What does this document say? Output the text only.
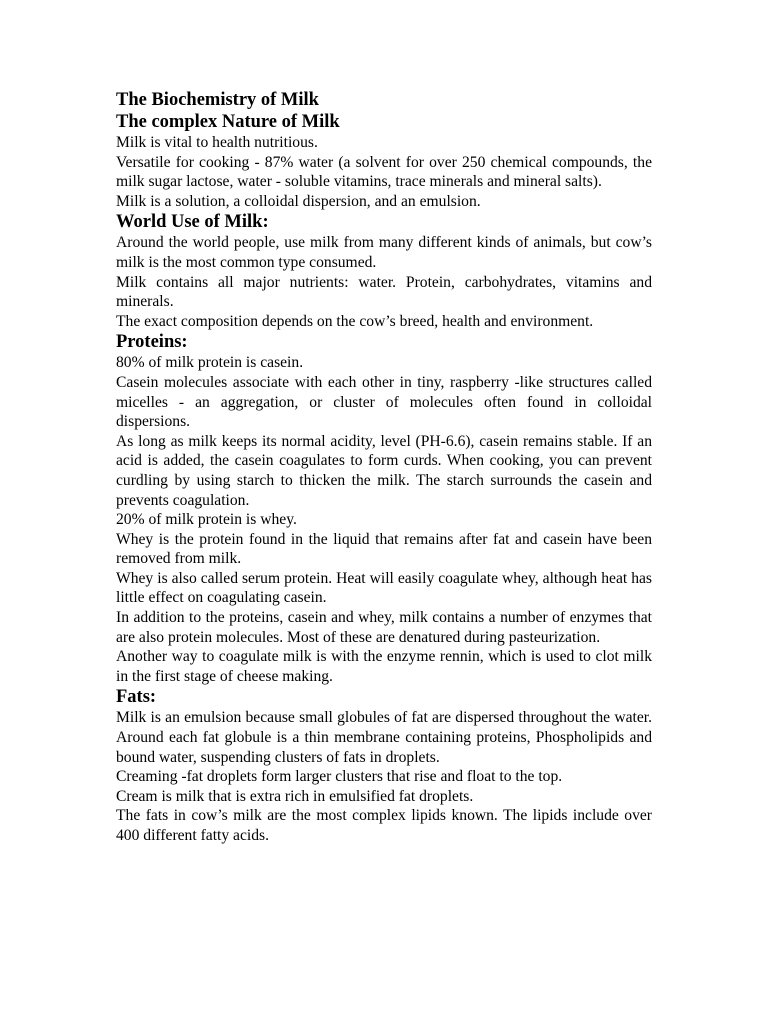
The Biochemistry of Milk

The complex Nature of Milk

Milk is vital to health nutritious.

Versatile for cooking - 87% water (a solvent for over 250 chemical compounds, the milk sugar lactose, water - soluble vitamins, trace minerals and mineral salts).

Milk is a solution, a colloidal dispersion, and an emulsion.

World Use of Milk:

Around the world people, use milk from many different kinds of animals, but cow’s milk is the most common type consumed.

Milk contains all major nutrients: water. Protein, carbohydrates, vitamins and minerals.

The exact composition depends on the cow’s breed, health and environment.

Proteins:

80% of milk protein is casein.

Casein molecules associate with each other in tiny, raspberry -like structures called micelles - an aggregation, or cluster of molecules often found in colloidal dispersions.

As long as milk keeps its normal acidity, level (PH-6.6), casein remains stable. If an acid is added, the casein coagulates to form curds. When cooking, you can prevent curdling by using starch to thicken the milk. The starch surrounds the casein and prevents coagulation.

20% of milk protein is whey.

Whey is the protein found in the liquid that remains after fat and casein have been removed from milk.

Whey is also called serum protein. Heat will easily coagulate whey, although heat has little effect on coagulating casein.

In addition to the proteins, casein and whey, milk contains a number of enzymes that are also protein molecules. Most of these are denatured during pasteurization.

Another way to coagulate milk is with the enzyme rennin, which is used to clot milk in the first stage of cheese making.

Fats:

Milk is an emulsion because small globules of fat are dispersed throughout the water. Around each fat globule is a thin membrane containing proteins, Phospholipids and bound water, suspending clusters of fats in droplets.

Creaming -fat droplets form larger clusters that rise and float to the top.

Cream is milk that is extra rich in emulsified fat droplets.

The fats in cow’s milk are the most complex lipids known. The lipids include over 400 different fatty acids.
